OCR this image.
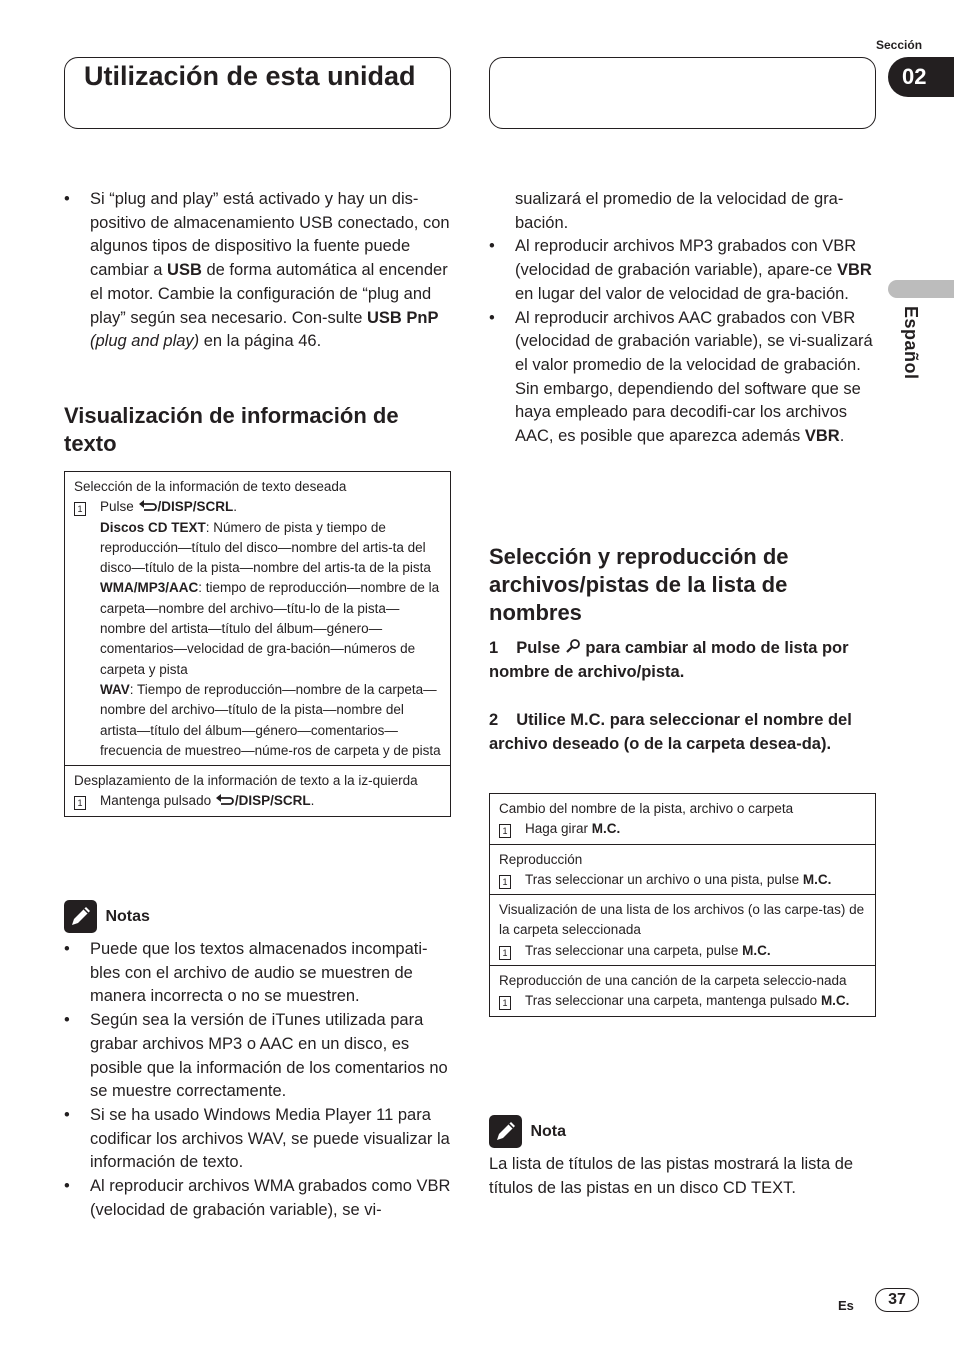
Utilización de esta unidad
Sección
02
Español
• Si “plug and play” está activado y hay un dis-positivo de almacenamiento USB conectado, con algunos tipos de dispositivo la fuente puede cambiar a USB de forma automática al encender el motor. Cambie la configuración de “plug and play” según sea necesario. Con-sulte USB PnP (plug and play) en la página 46.
Visualización de información de texto
Selección de la información de texto deseada
1 Pulse /DISP/SCRL.
Discos CD TEXT: Número de pista y tiempo de reproducción—título del disco—nombre del artis-ta del disco—título de la pista—nombre del artis-ta de la pista
WMA/MP3/AAC: tiempo de reproducción—nombre de la carpeta—nombre del archivo—títu-lo de la pista—nombre del artista—título del álbum—género—comentarios—velocidad de gra-bación—números de carpeta y pista
WAV: Tiempo de reproducción—nombre de la carpeta—nombre del archivo—título de la pista—nombre del artista—título del álbum—género—comentarios—frecuencia de muestreo—núme-ros de carpeta y de pista
Desplazamiento de la información de texto a la iz-quierda
1 Mantenga pulsado /DISP/SCRL.
Notas
• Puede que los textos almacenados incompati-bles con el archivo de audio se muestren de manera incorrecta o no se muestren.
• Según sea la versión de iTunes utilizada para grabar archivos MP3 o AAC en un disco, es posible que la información de los comentarios no se muestre correctamente.
• Si se ha usado Windows Media Player 11 para codificar los archivos WAV, se puede visualizar la información de texto.
• Al reproducir archivos WMA grabados como VBR (velocidad de grabación variable), se vi-
sualizará el promedio de la velocidad de gra-bación.
• Al reproducir archivos MP3 grabados con VBR (velocidad de grabación variable), apare-ce VBR en lugar del valor de velocidad de gra-bación.
• Al reproducir archivos AAC grabados con VBR (velocidad de grabación variable), se vi-sualizará el valor promedio de la velocidad de grabación. Sin embargo, dependiendo del software que se haya empleado para decodifi-car los archivos AAC, es posible que aparezca además VBR.
Selección y reproducción de archivos/pistas de la lista de nombres
1 Pulse  para cambiar al modo de lista por nombre de archivo/pista.
2 Utilice M.C. para seleccionar el nombre del archivo deseado (o de la carpeta desea-da).
Cambio del nombre de la pista, archivo o carpeta
1 Haga girar M.C.
Reproducción
1 Tras seleccionar un archivo o una pista, pulse M.C.
Visualización de una lista de los archivos (o las carpe-tas) de la carpeta seleccionada
1 Tras seleccionar una carpeta, pulse M.C.
Reproducción de una canción de la carpeta seleccio-nada
1 Tras seleccionar una carpeta, mantenga pulsado M.C.
Nota
La lista de títulos de las pistas mostrará la lista de títulos de las pistas en un disco CD TEXT.
Es	37
